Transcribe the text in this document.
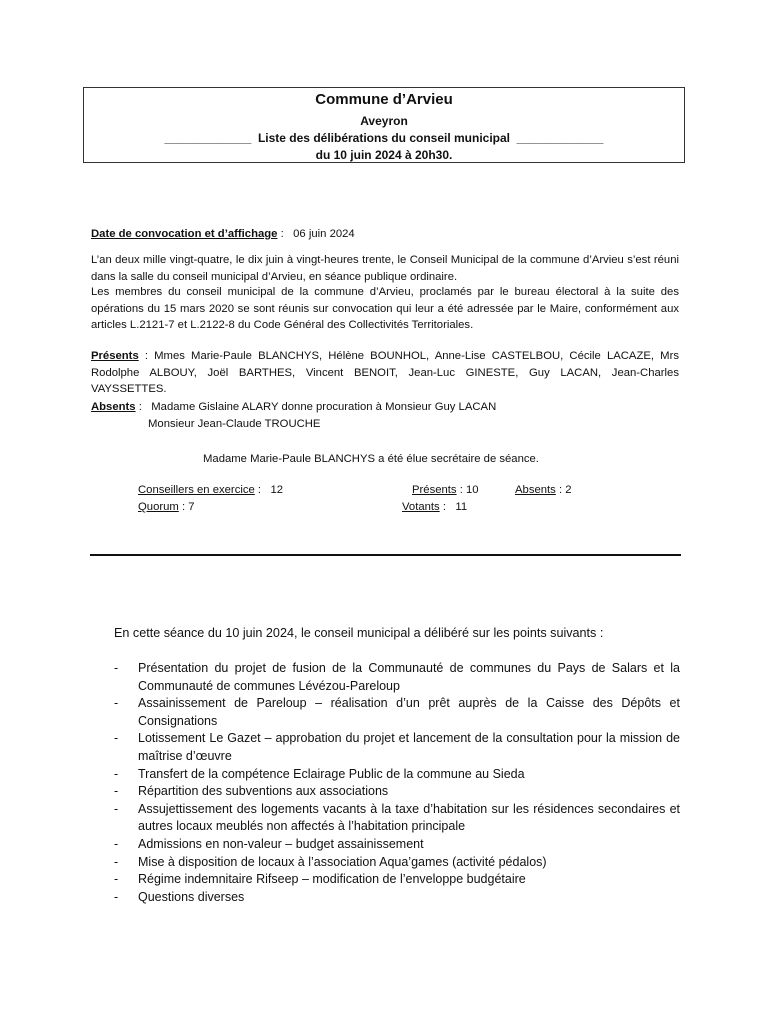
Commune d’Arvieu
Aveyron
_____________  Liste des délibérations du conseil municipal  _____________
du 10 juin 2024 à 20h30.
Date de convocation et d’affichage :   06 juin 2024
L’an deux mille vingt-quatre, le dix juin à vingt-heures trente, le Conseil Municipal de la commune d’Arvieu s’est réuni dans la salle du conseil municipal d’Arvieu, en séance publique ordinaire.
Les membres du conseil municipal de la commune d’Arvieu, proclamés par le bureau électoral à la suite des opérations du 15 mars 2020 se sont réunis sur convocation qui leur a été adressée par le Maire, conformément aux articles L.2121-7 et L.2122-8 du Code Général des Collectivités Territoriales.
Présents : Mmes Marie-Paule BLANCHYS, Hélène BOUNHOL, Anne-Lise CASTELBOU, Cécile LACAZE, Mrs Rodolphe ALBOUY, Joël BARTHES, Vincent BENOIT, Jean-Luc GINESTE, Guy LACAN, Jean-Charles VAYSSETTES.
Absents :   Madame Gislaine ALARY donne procuration à Monsieur Guy LACAN
Monsieur Jean-Claude TROUCHE
Madame Marie-Paule BLANCHYS a été élue secrétaire de séance.
Conseillers en exercice :   12	Présents : 10	Absents : 2
Quorum : 7	Votants :   11
En cette séance du 10 juin 2024, le conseil municipal a délibéré sur les points suivants :
- Présentation du projet de fusion de la Communauté de communes du Pays de Salars et la Communauté de communes Lévézou-Pareloup
- Assainissement de Pareloup – réalisation d’un prêt auprès de la Caisse des Dépôts et Consignations
- Lotissement Le Gazet – approbation du projet et lancement de la consultation pour la mission de maîtrise d’œuvre
- Transfert de la compétence Eclairage Public de la commune au Sieda
- Répartition des subventions aux associations
- Assujettissement des logements vacants à la taxe d’habitation sur les résidences secondaires et autres locaux meublés non affectés à l’habitation principale
- Admissions en non-valeur – budget assainissement
- Mise à disposition de locaux à l’association Aqua’games (activité pédalos)
- Régime indemnitaire Rifseep – modification de l’enveloppe budgétaire
- Questions diverses
